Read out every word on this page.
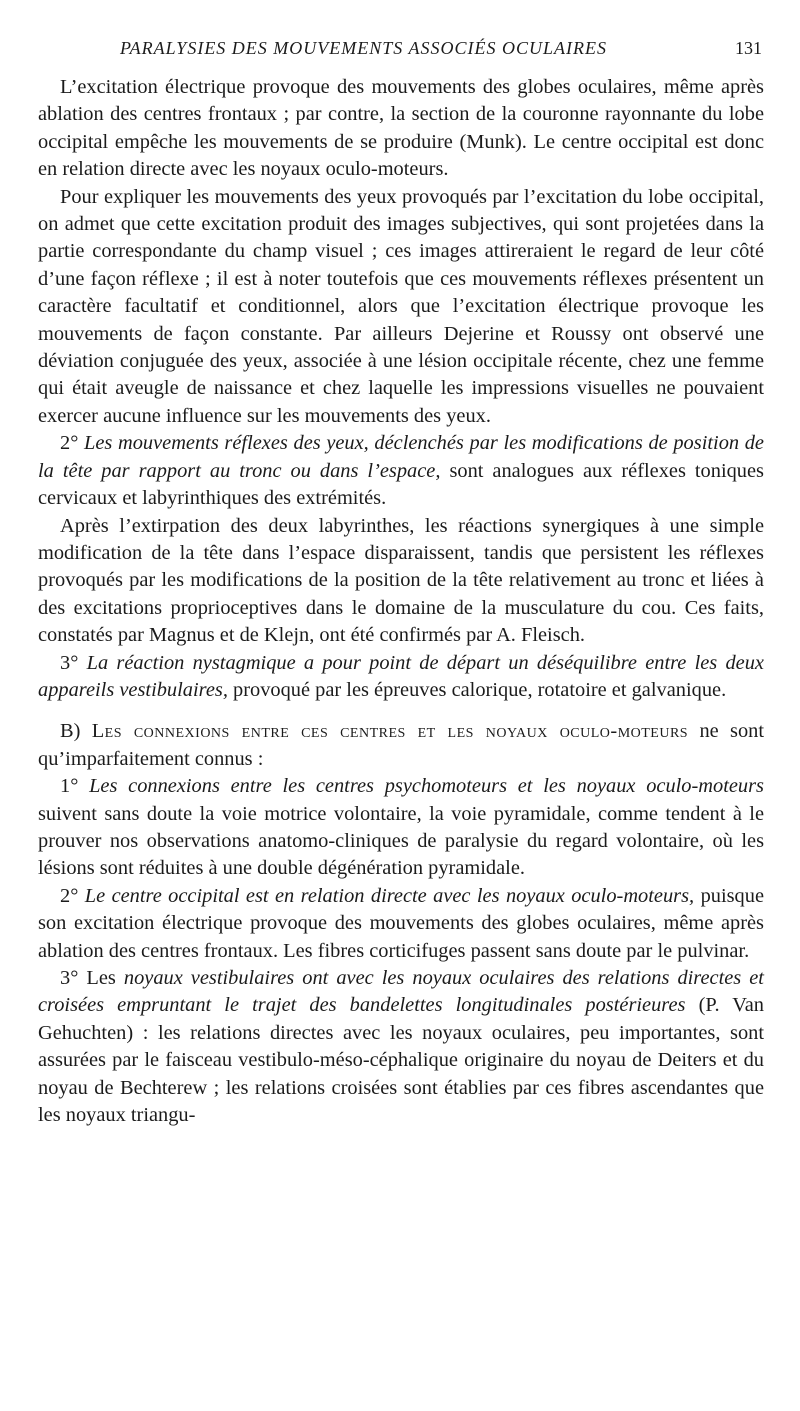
PARALYSIES DES MOUVEMENTS ASSOCIÉS OCULAIRES	131

L’excitation électrique provoque des mouvements des globes oculaires, même après ablation des centres frontaux ; par contre, la section de la couronne rayonnante du lobe occipital empêche les mouvements de se produire (Munk). Le centre occipital est donc en relation directe avec les noyaux oculo-moteurs.

Pour expliquer les mouvements des yeux provoqués par l’excitation du lobe occipital, on admet que cette excitation produit des images subjectives, qui sont projetées dans la partie correspondante du champ visuel ; ces images attireraient le regard de leur côté d’une façon réflexe ; il est à noter toutefois que ces mouvements réflexes présentent un caractère facultatif et conditionnel, alors que l’excitation électrique provoque les mouvements de façon constante. Par ailleurs Dejerine et Roussy ont observé une déviation conjuguée des yeux, associée à une lésion occipitale récente, chez une femme qui était aveugle de naissance et chez laquelle les impressions visuelles ne pouvaient exercer aucune influence sur les mouvements des yeux.

2° Les mouvements réflexes des yeux, déclenchés par les modifications de position de la tête par rapport au tronc ou dans l’espace, sont analogues aux réflexes toniques cervicaux et labyrinthiques des extrémités.

Après l’extirpation des deux labyrinthes, les réactions synergiques à une simple modification de la tête dans l’espace disparaissent, tandis que persistent les réflexes provoqués par les modifications de la position de la tête relativement au tronc et liées à des excitations proprioceptives dans le domaine de la musculature du cou. Ces faits, constatés par Magnus et de Klejn, ont été confirmés par A. Fleisch.

3° La réaction nystagmique a pour point de départ un déséquilibre entre les deux appareils vestibulaires, provoqué par les épreuves calorique, rotatoire et galvanique.

B) Les connexions entre ces centres et les noyaux oculo-moteurs ne sont qu’imparfaitement connus :

1° Les connexions entre les centres psychomoteurs et les noyaux oculo-moteurs suivent sans doute la voie motrice volontaire, la voie pyramidale, comme tendent à le prouver nos observations anatomo-cliniques de paralysie du regard volontaire, où les lésions sont réduites à une double dégénération pyramidale.

2° Le centre occipital est en relation directe avec les noyaux oculo-moteurs, puisque son excitation électrique provoque des mouvements des globes oculaires, même après ablation des centres frontaux. Les fibres corticifuges passent sans doute par le pulvinar.

3° Les noyaux vestibulaires ont avec les noyaux oculaires des relations directes et croisées empruntant le trajet des bandelettes longitudinales postérieures (P. Van Gehuchten) : les relations directes avec les noyaux oculaires, peu importantes, sont assurées par le faisceau vestibulo-méso-céphalique originaire du noyau de Deiters et du noyau de Bechterew ; les relations croisées sont établies par ces fibres ascendantes que les noyaux triangu-
